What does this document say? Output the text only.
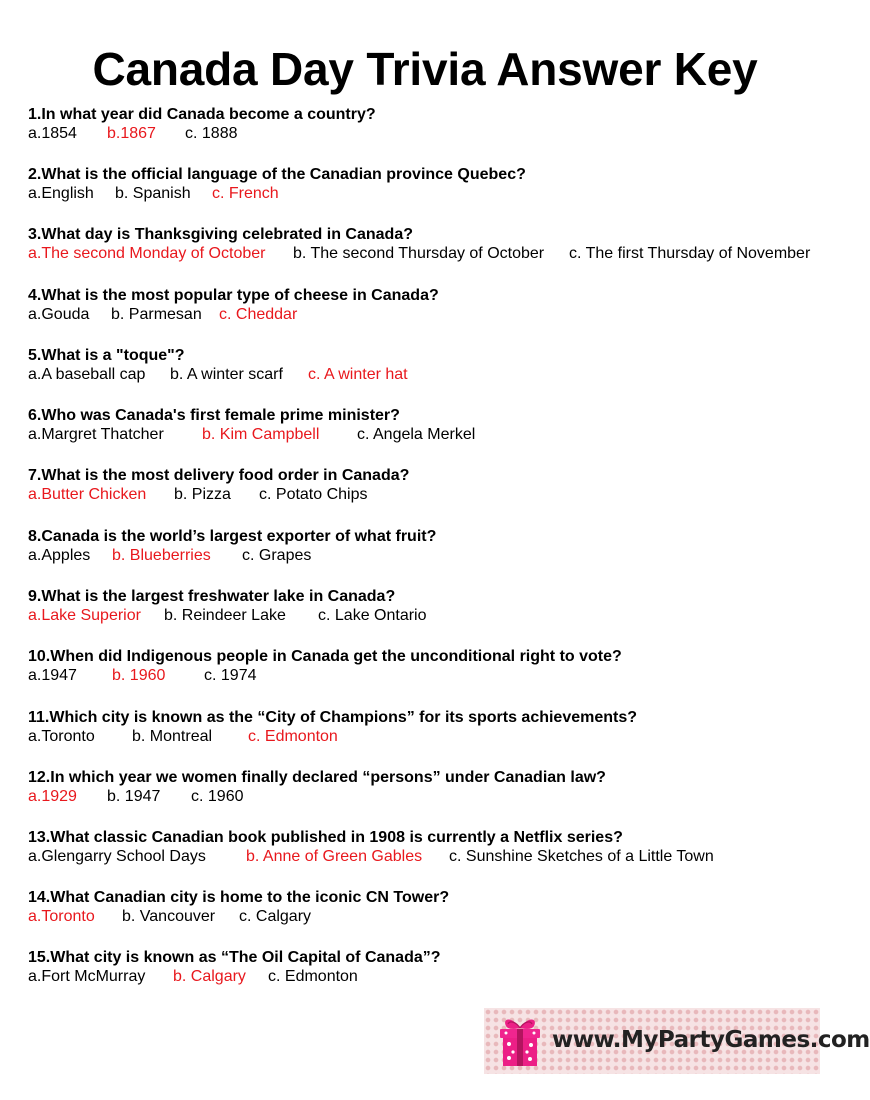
Canada Day Trivia Answer Key
1.In what year did Canada become a country?
a.1854 b.1867 c. 1888
2.What is the official language of the Canadian province Quebec?
a.English b. Spanish c. French
3.What day is Thanksgiving celebrated in Canada?
a.The second Monday of October b. The second Thursday of October c. The first Thursday of November
4.What is the most popular type of cheese in Canada?
a.Gouda b. Parmesan c. Cheddar
5.What is a "toque"?
a.A baseball cap b. A winter scarf c. A winter hat
6.Who was Canada's first female prime minister?
a.Margret Thatcher b. Kim Campbell c. Angela Merkel
7.What is the most delivery food order in Canada?
a.Butter Chicken b. Pizza c. Potato Chips
8.Canada is the world’s largest exporter of what fruit?
a.Apples b. Blueberries c. Grapes
9.What is the largest freshwater lake in Canada?
a.Lake Superior b. Reindeer Lake c. Lake Ontario
10.When did Indigenous people in Canada get the unconditional right to vote?
a.1947 b. 1960 c. 1974
11.Which city is known as the “City of Champions” for its sports achievements?
a.Toronto b. Montreal c. Edmonton
12.In which year we women finally declared “persons” under Canadian law?
a.1929 b. 1947 c. 1960
13.What classic Canadian book published in 1908 is currently a Netflix series?
a.Glengarry School Days	b. Anne of Green Gables c. Sunshine Sketches of a Little Town
14.What Canadian city is home to the iconic CN Tower?
a.Toronto b. Vancouver c. Calgary
15.What city is known as “The Oil Capital of Canada”?
a.Fort McMurray b. Calgary c. Edmonton
www.MyPartyGames.com
